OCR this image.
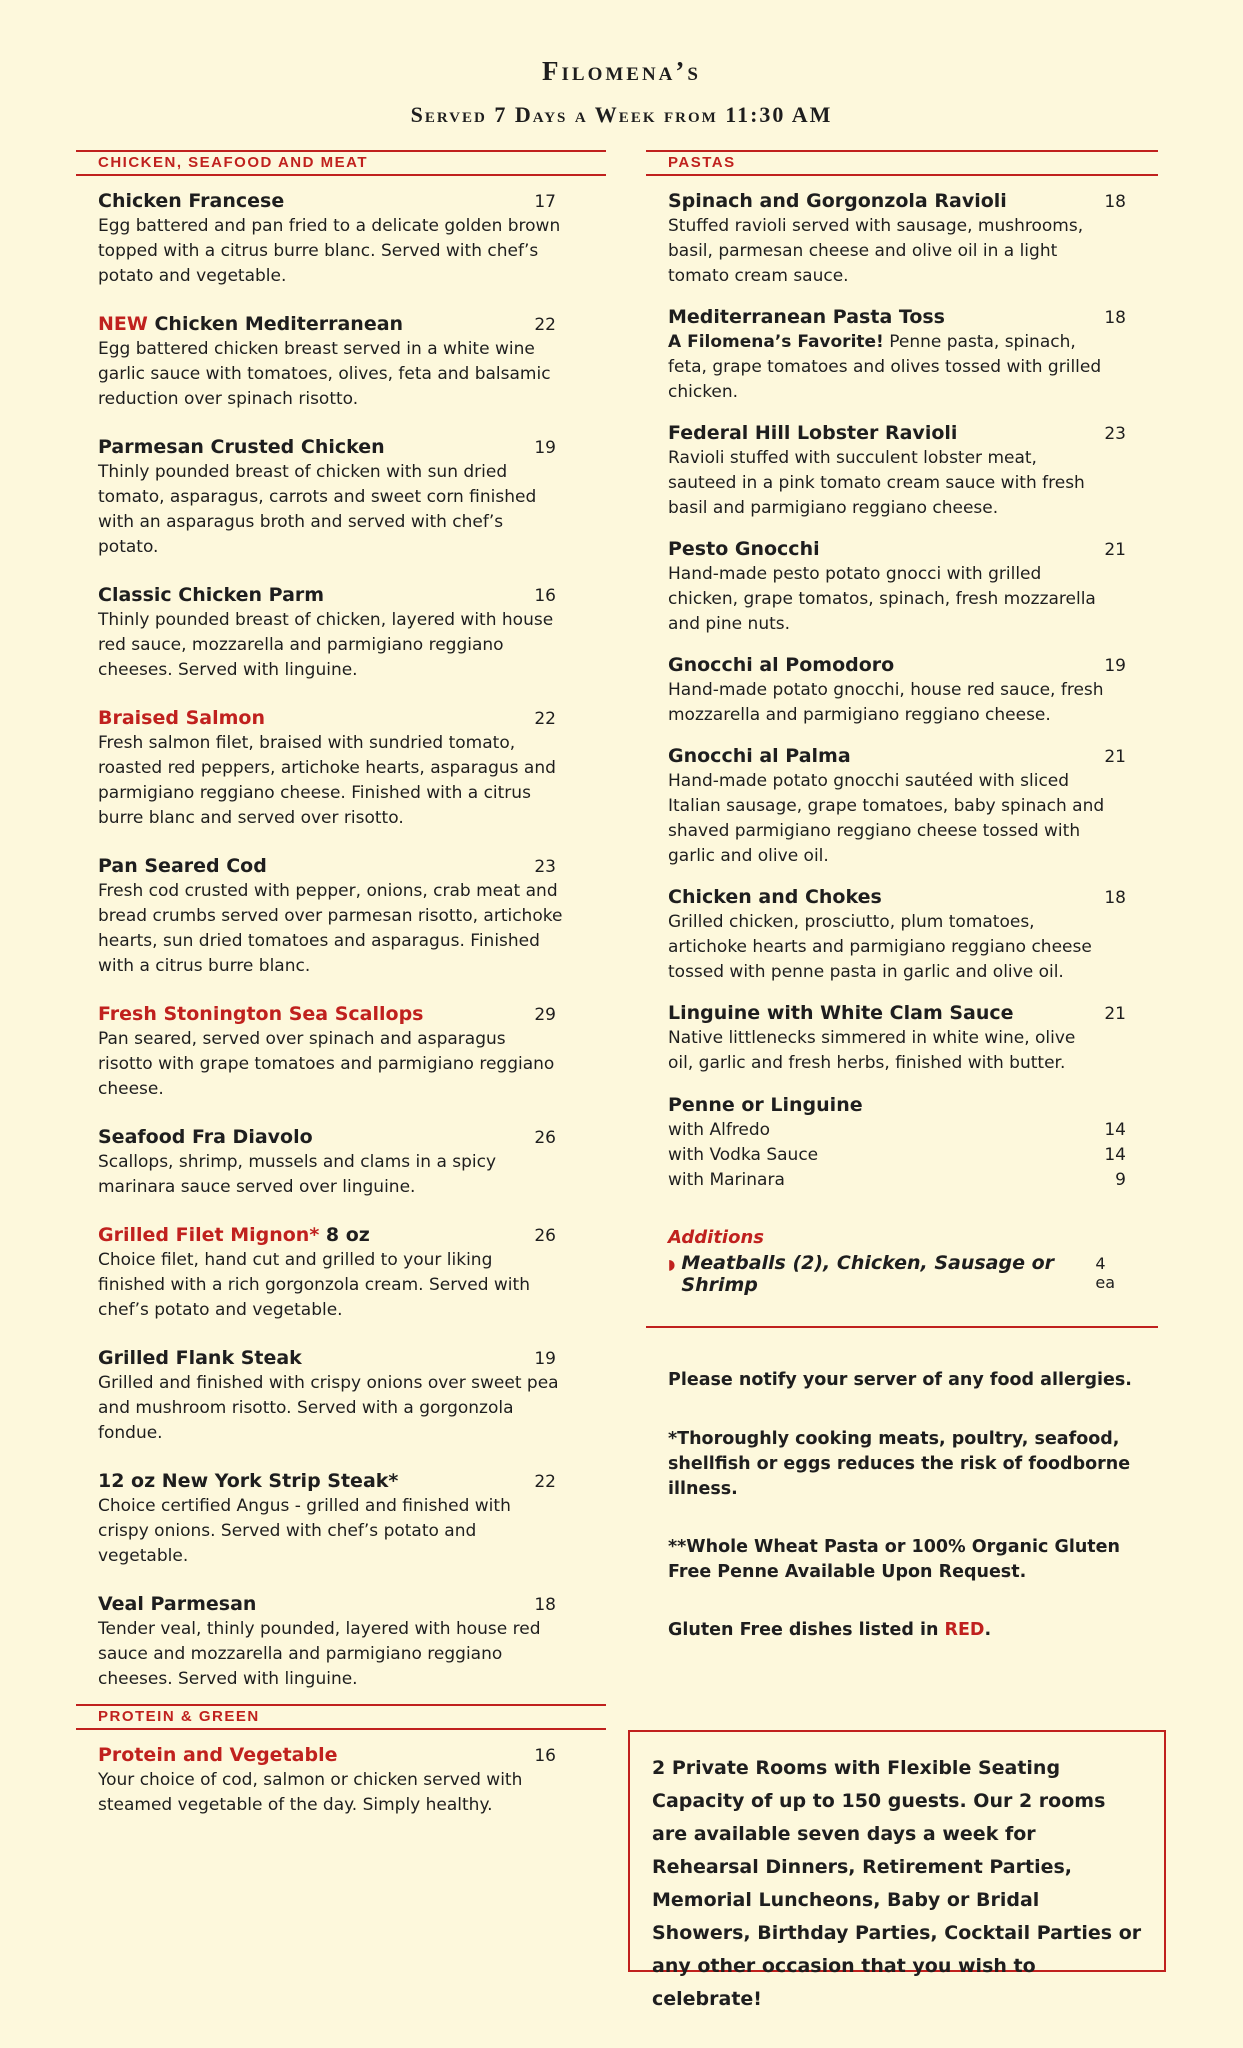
Filomena’s
Served 7 Days a Week from 11:30 AM
CHICKEN, SEAFOOD AND MEAT
Chicken Francese	17
Egg battered and pan fried to a delicate golden brown topped with a citrus burre blanc. Served with chef’s potato and vegetable.
NEW Chicken Mediterranean	22
Egg battered chicken breast served in a white wine garlic sauce with tomatoes, olives, feta and balsamic reduction over spinach risotto.
Parmesan Crusted Chicken	19
Thinly pounded breast of chicken with sun dried tomato, asparagus, carrots and sweet corn finished with an asparagus broth and served with chef’s potato.
Classic Chicken Parm	16
Thinly pounded breast of chicken, layered with house red sauce, mozzarella and parmigiano reggiano cheeses. Served with linguine.
Braised Salmon	22
Fresh salmon filet, braised with sundried tomato, roasted red peppers, artichoke hearts, asparagus and parmigiano reggiano cheese. Finished with a citrus burre blanc and served over risotto.
Pan Seared Cod	23
Fresh cod crusted with pepper, onions, crab meat and bread crumbs served over parmesan risotto, artichoke hearts, sun dried tomatoes and asparagus. Finished with a citrus burre blanc.
Fresh Stonington Sea Scallops	29
Pan seared, served over spinach and asparagus risotto with grape tomatoes and parmigiano reggiano cheese.
Seafood Fra Diavolo	26
Scallops, shrimp, mussels and clams in a spicy marinara sauce served over linguine.
Grilled Filet Mignon* 8 oz	26
Choice filet, hand cut and grilled to your liking finished with a rich gorgonzola cream. Served with chef’s potato and vegetable.
Grilled Flank Steak	19
Grilled and finished with crispy onions over sweet pea and mushroom risotto. Served with a gorgonzola fondue.
12 oz New York Strip Steak*	22
Choice certified Angus - grilled and finished with crispy onions. Served with chef’s potato and vegetable.
Veal Parmesan	18
Tender veal, thinly pounded, layered with house red sauce and mozzarella and parmigiano reggiano cheeses. Served with linguine.
PROTEIN & GREEN
Protein and Vegetable	16
Your choice of cod, salmon or chicken served with steamed vegetable of the day. Simply healthy.
PASTAS
Spinach and Gorgonzola Ravioli	18
Stuffed ravioli served with sausage, mushrooms, basil, parmesan cheese and olive oil in a light tomato cream sauce.
Mediterranean Pasta Toss	18
A Filomena’s Favorite! Penne pasta, spinach, feta, grape tomatoes and olives tossed with grilled chicken.
Federal Hill Lobster Ravioli	23
Ravioli stuffed with succulent lobster meat, sauteed in a pink tomato cream sauce with fresh basil and parmigiano reggiano cheese.
Pesto Gnocchi	21
Hand-made pesto potato gnocci with grilled chicken, grape tomatos, spinach, fresh mozzarella and pine nuts.
Gnocchi al Pomodoro	19
Hand-made potato gnocchi, house red sauce, fresh mozzarella and parmigiano reggiano cheese.
Gnocchi al Palma	21
Hand-made potato gnocchi sautéed with sliced Italian sausage, grape tomatoes, baby spinach and shaved parmigiano reggiano cheese tossed with garlic and olive oil.
Chicken and Chokes	18
Grilled chicken, prosciutto, plum tomatoes, artichoke hearts and parmigiano reggiano cheese tossed with penne pasta in garlic and olive oil.
Linguine with White Clam Sauce	21
Native littlenecks simmered in white wine, olive oil, garlic and fresh herbs, finished with butter.
Penne or Linguine
with Alfredo	14
with Vodka Sauce	14
with Marinara	9
Additions
◗ Meatballs (2), Chicken, Sausage or Shrimp
4 ea
Please notify your server of any food allergies.
*Thoroughly cooking meats, poultry, seafood, shellfish or eggs reduces the risk of foodborne illness.
**Whole Wheat Pasta or 100% Organic Gluten Free Penne Available Upon Request.
Gluten Free dishes listed in RED.
2 Private Rooms with Flexible Seating Capacity of up to 150 guests. Our 2 rooms are available seven days a week for Rehearsal Dinners, Retirement Parties, Memorial Luncheons, Baby or Bridal Showers, Birthday Parties, Cocktail Parties or any other occasion that you wish to celebrate!
